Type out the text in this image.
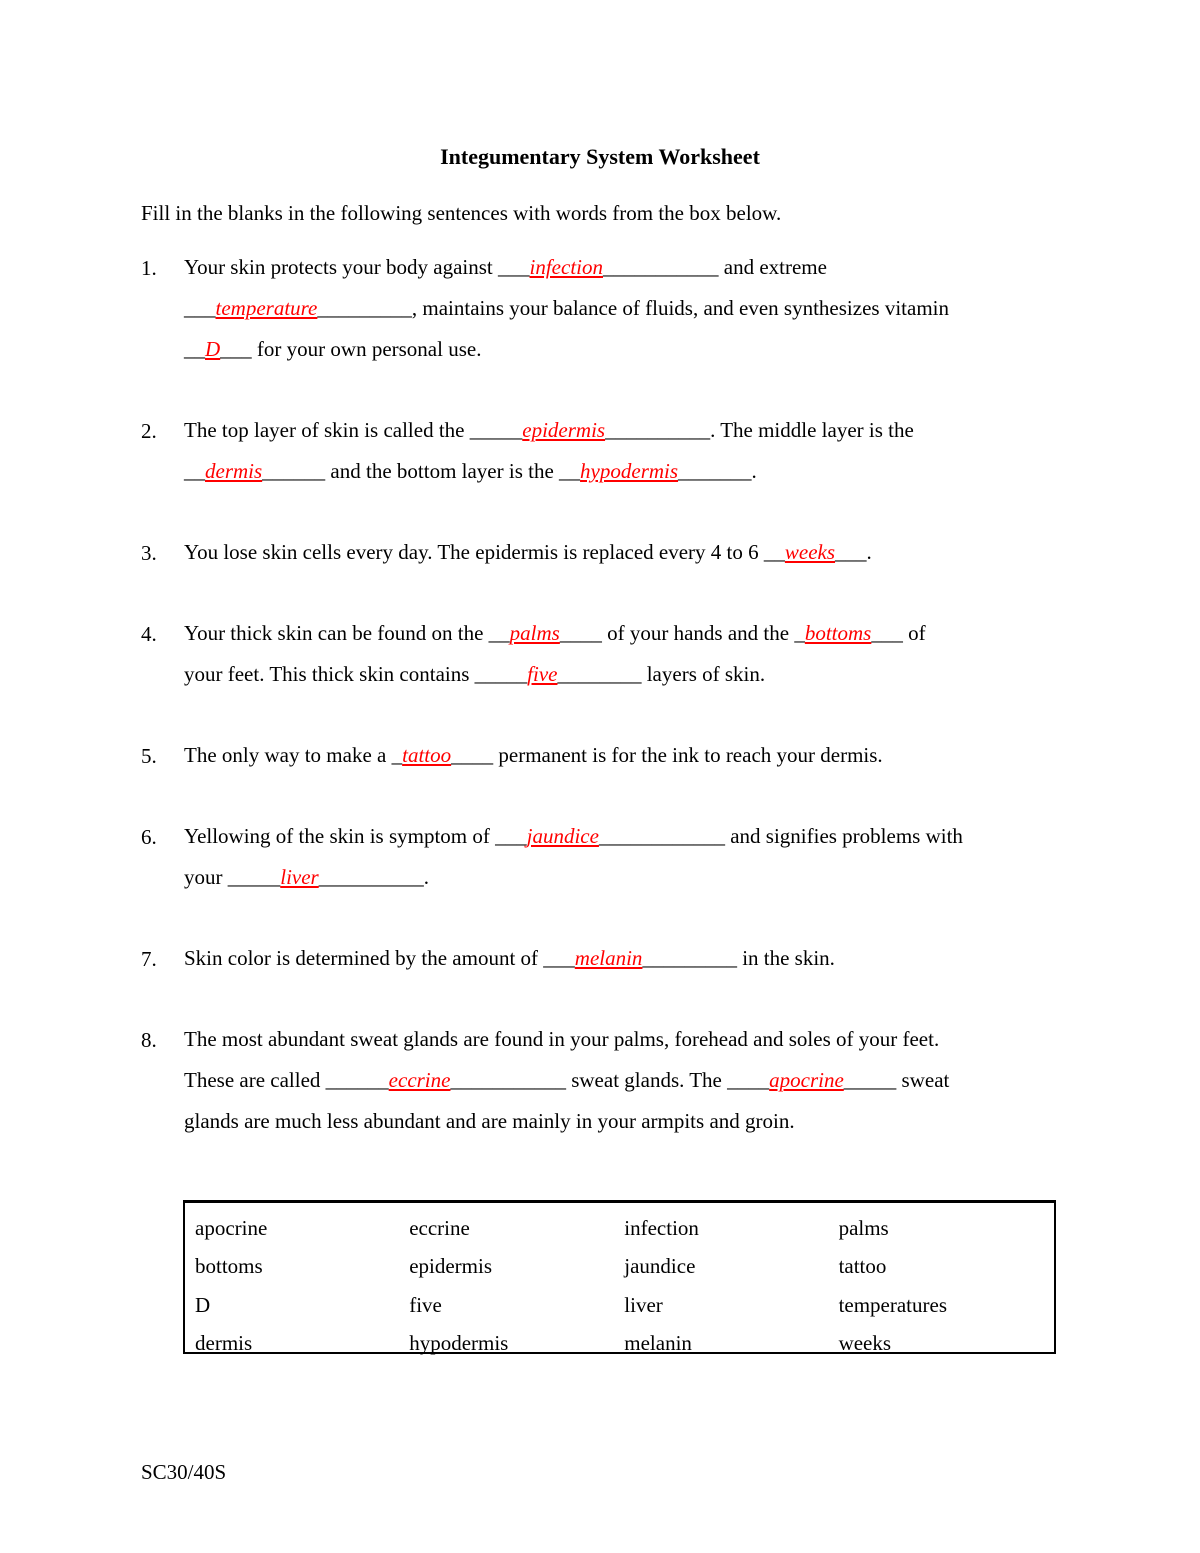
Integumentary System Worksheet
Fill in the blanks in the following sentences with words from the box below.
1. Your skin protects your body against ___infection___________ and extreme
___temperature_________, maintains your balance of fluids, and even synthesizes vitamin
__D___ for your own personal use.
2. The top layer of skin is called the _____epidermis__________. The middle layer is the
__dermis______ and the bottom layer is the __hypodermis_______.
3. You lose skin cells every day. The epidermis is replaced every 4 to 6 __weeks___.
4. Your thick skin can be found on the __palms____ of your hands and the _bottoms___ of
your feet. This thick skin contains _____five________ layers of skin.
5. The only way to make a _tattoo____ permanent is for the ink to reach your dermis.
6. Yellowing of the skin is symptom of ___jaundice____________ and signifies problems with
your _____liver__________.
7. Skin color is determined by the amount of ___melanin_________ in the skin.
8. The most abundant sweat glands are found in your palms, forehead and soles of your feet.
These are called ______eccrine___________ sweat glands. The ____apocrine_____ sweat
glands are much less abundant and are mainly in your armpits and groin.
apocrine	eccrine	infection	palms
bottoms	epidermis	jaundice	tattoo
D	five	liver	temperatures
dermis	hypodermis	melanin	weeks
SC30/40S
